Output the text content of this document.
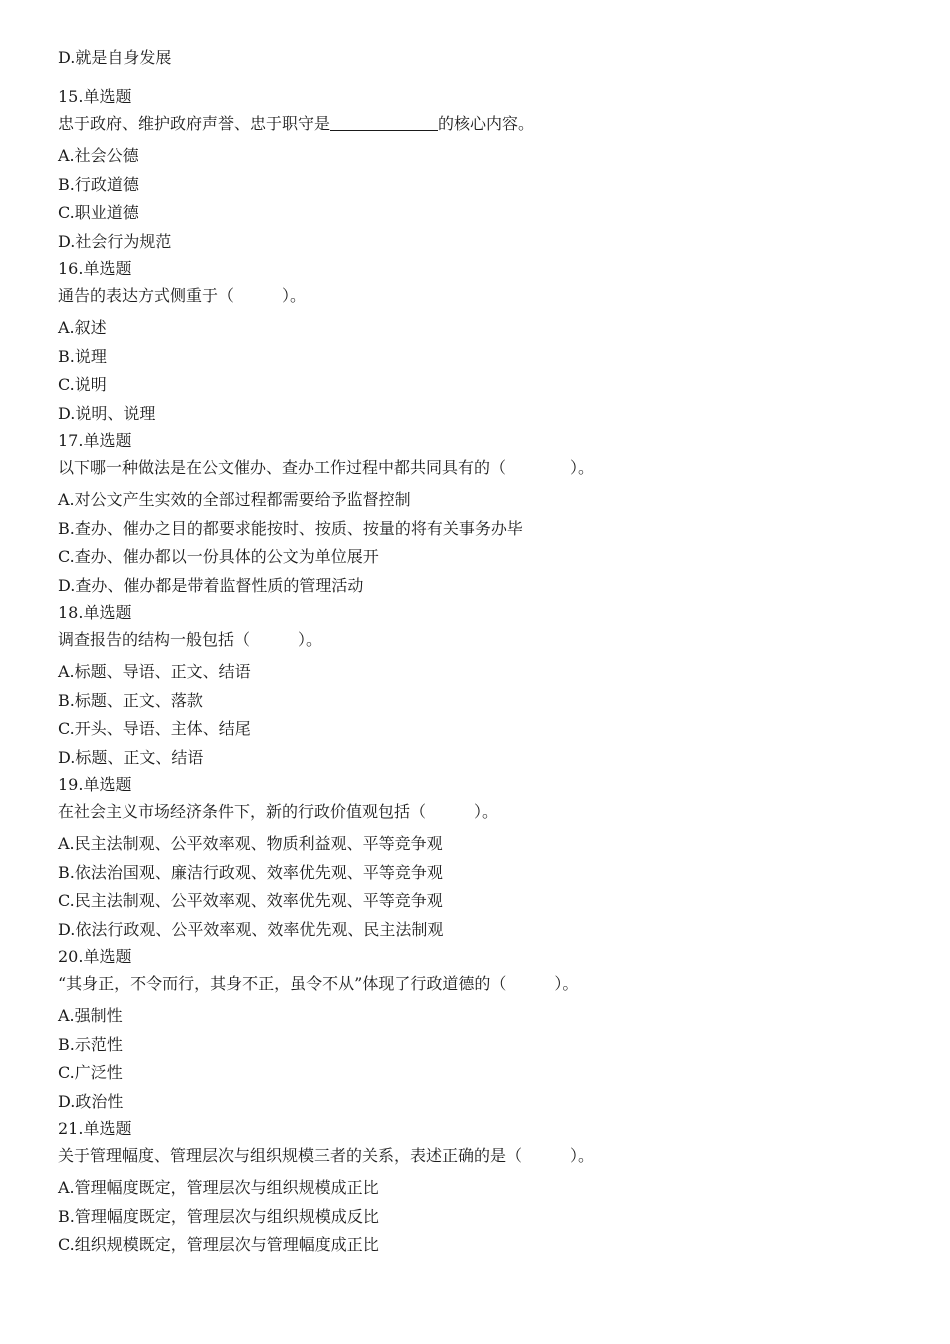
D.就是自身发展
15.单选题
忠于政府、维护政府声誉、忠于职守是	的核心内容。
A.社会公德
B.行政道德
C.职业道德
D.社会行为规范
16.单选题
通告的表达方式侧重于（　　　）。
A.叙述
B.说理
C.说明
D.说明、说理
17.单选题
以下哪一种做法是在公文催办、查办工作过程中都共同具有的（　　　　）。
A.对公文产生实效的全部过程都需要给予监督控制
B.查办、催办之目的都要求能按时、按质、按量的将有关事务办毕
C.查办、催办都以一份具体的公文为单位展开
D.查办、催办都是带着监督性质的管理活动
18.单选题
调查报告的结构一般包括（　　　）。
A.标题、导语、正文、结语
B.标题、正文、落款
C.开头、导语、主体、结尾
D.标题、正文、结语
19.单选题
在社会主义市场经济条件下，新的行政价值观包括（　　　）。
A.民主法制观、公平效率观、物质利益观、平等竞争观
B.依法治国观、廉洁行政观、效率优先观、平等竞争观
C.民主法制观、公平效率观、效率优先观、平等竞争观
D.依法行政观、公平效率观、效率优先观、民主法制观
20.单选题
“其身正，不令而行，其身不正，虽令不从”体现了行政道德的（　　　）。
A.强制性
B.示范性
C.广泛性
D.政治性
21.单选题
关于管理幅度、管理层次与组织规模三者的关系，表述正确的是（　　　）。
A.管理幅度既定，管理层次与组织规模成正比
B.管理幅度既定，管理层次与组织规模成反比
C.组织规模既定，管理层次与管理幅度成正比
